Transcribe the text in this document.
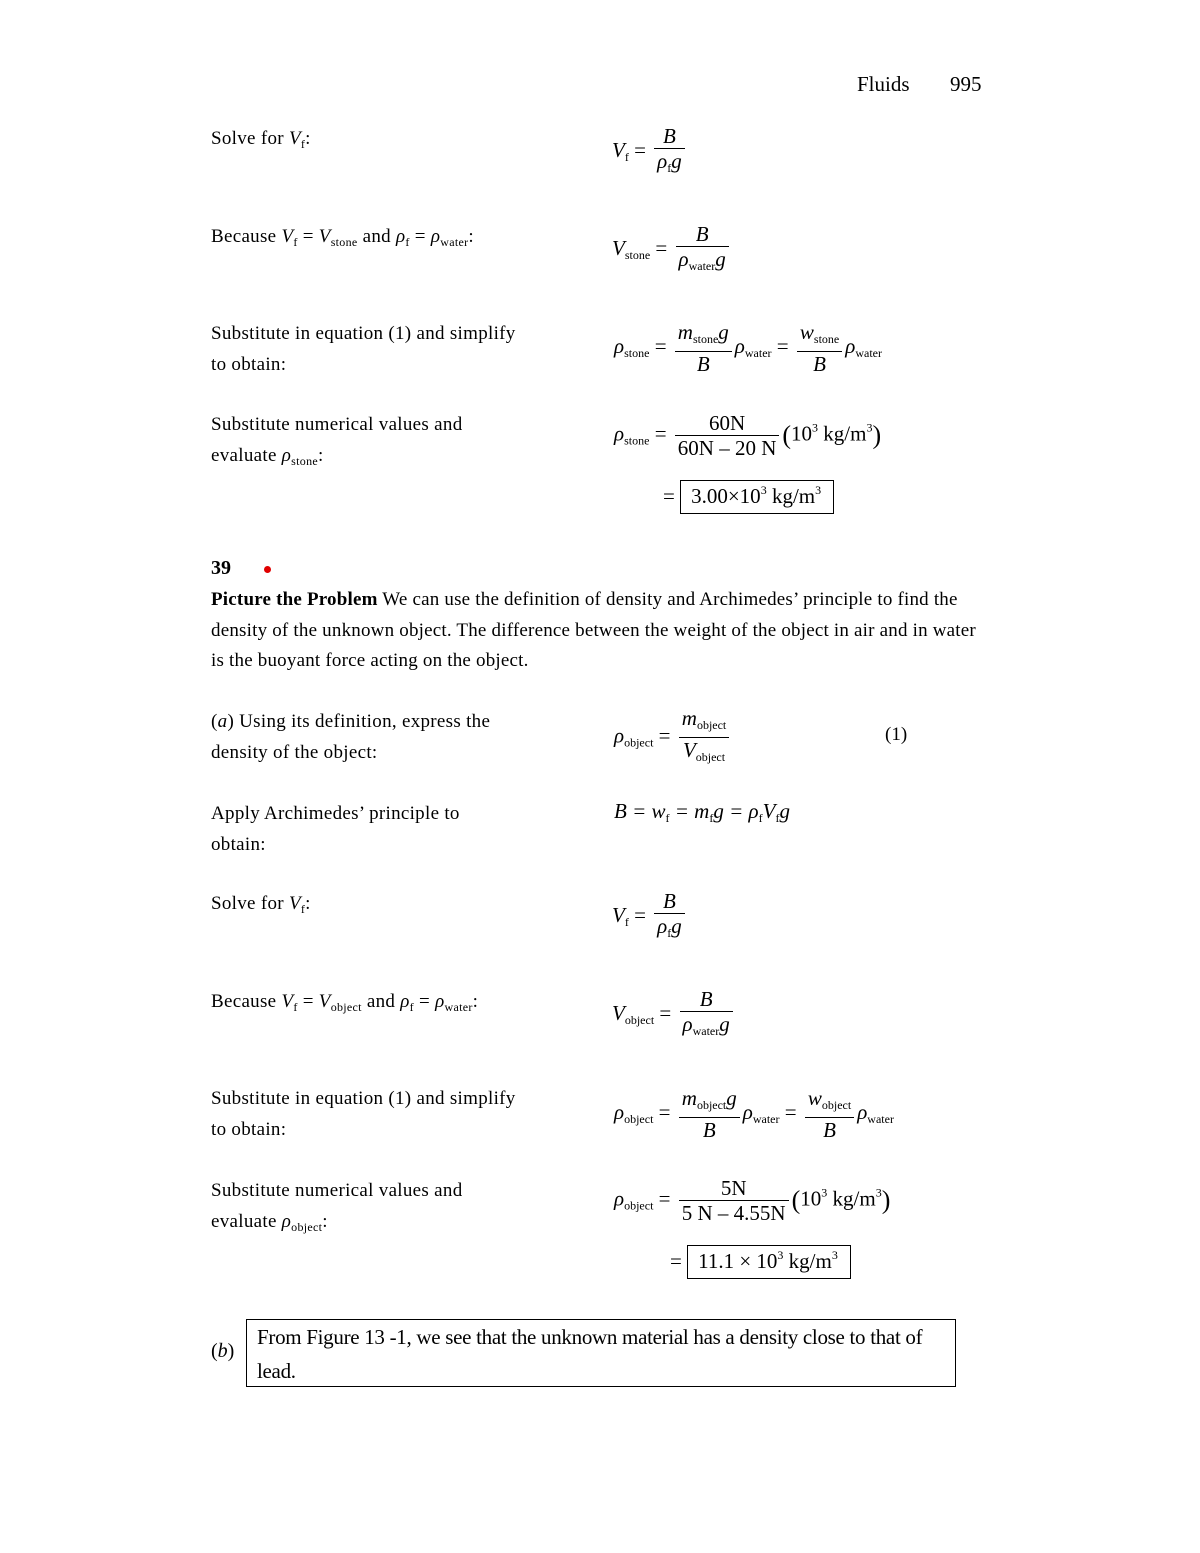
Fluids 995
Solve for $V_f$:
Because $V_f = V_{stone}$ and $\rho_f = \rho_{water}$:
Substitute in equation (1) and simplify to obtain:
Substitute numerical values and evaluate $\rho_{stone}$:
$V_f = \frac{B}{\rho_fg}$
$V_{stone} = \frac{B}{\rho_{water}g}$
$\rho_{stone} = \frac{m_{stone}g}{B} \rho_{water} = \frac{w_{stone}}{B} \rho_{water}$
$\rho_{stone} = \frac{60N}{60N - 20 N} (10^3$ $kg/m^3$)
= $3.00\times 10^3$ $kg/m^3$
39
Picture the Problem We can use the definition of density and Archimedes’ principle to find the density of the unknown object. The difference between the weight of the object in air and in water is the buoyant force acting on the object.
(a) Using its definition, express the density of the object:
Apply Archimedes’ principle to obtain:
Solve for $V_f$:
Because $V_f = V_{object}$ and $\rho_f = \rho_{water}$:
Substitute in equation (1) and simplify to obtain:
Substitute numerical values and evaluate $\rho_{object}$:
$\rho_{object} = \frac{m_{object}}{V_{object}}$	(1)
$B = w_f = m_fg = \rho_fV_fg$
$V_f = \frac{B}{\rho_fg}$
$V_{object} = \frac{B}{\rho_{water}g}$
$\rho_{object} = \frac{m_{object}g}{B} \rho_{water} = \frac{w_{object}}{B} \rho_{water}$
$\rho_{object} = \frac{5N}{5 N - 4.55N} (10^3$ $kg/m^3$)
= $11.1 \times 10^3$ $kg/m^3$
(b)
From Figure 13 -1, we see that the unknown material has a density close to that of lead.
